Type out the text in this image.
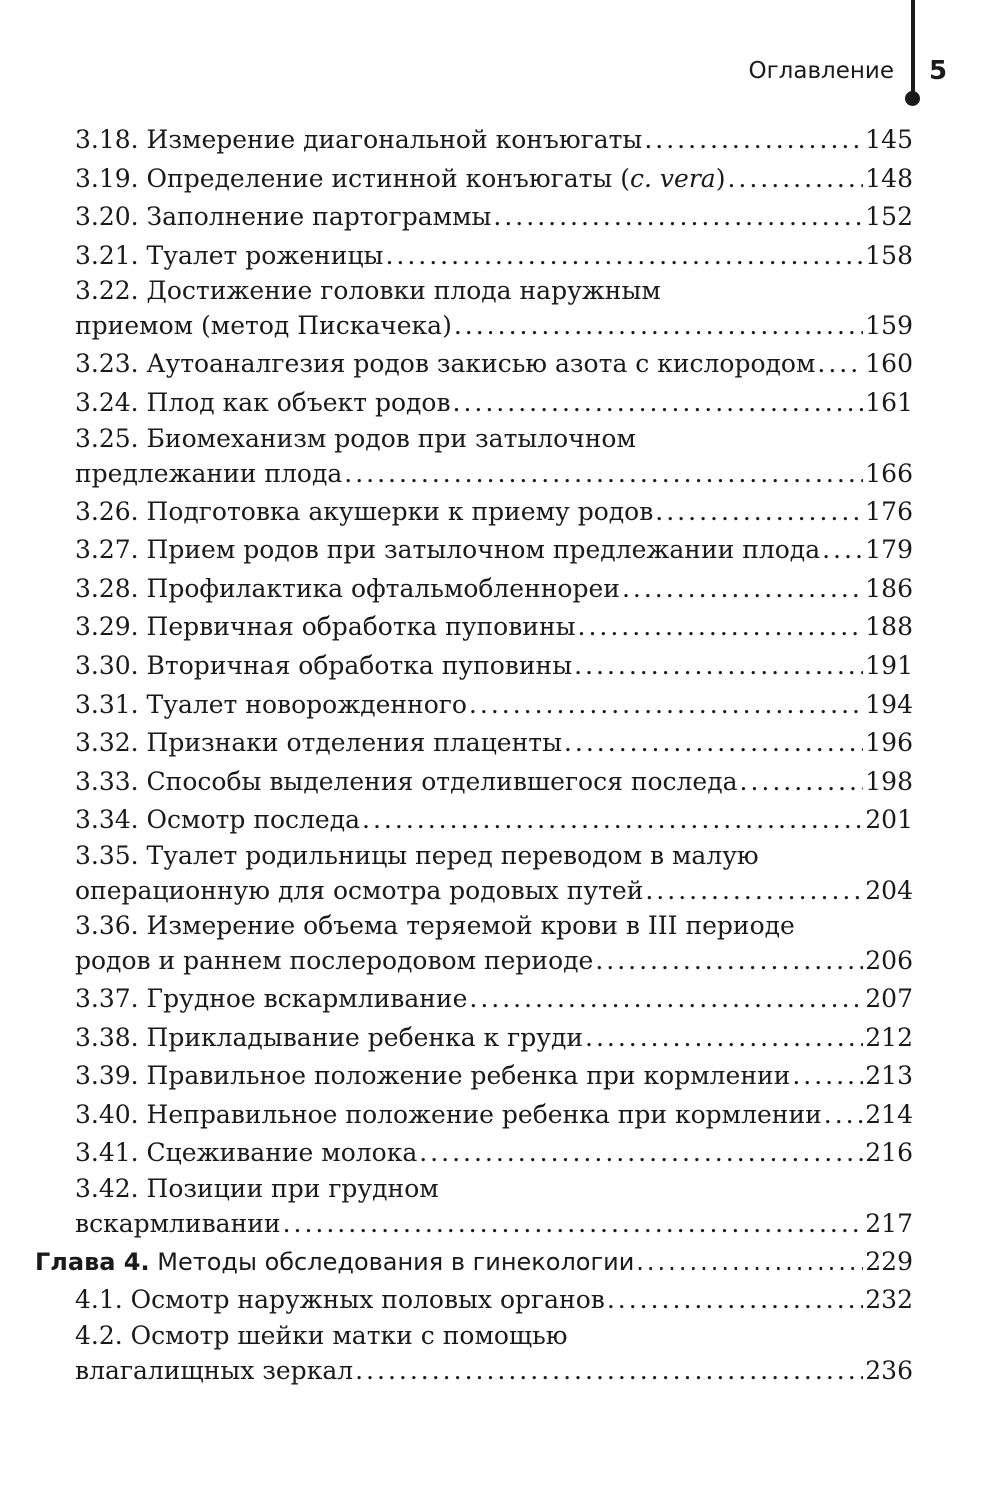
Оглавление 5
3.18. Измерение диагональной конъюгаты .....	145
3.19. Определение истинной конъюгаты (c. vera) .....	148
3.20. Заполнение партограммы .....	152
3.21. Туалет роженицы .....	158
3.22. Достижение головки плода наружным
приемом (метод Пискачека) .....	159
3.23. Аутоаналгезия родов закисью азота с кислородом ..... 160
3.24. Плод как объект родов .....	161
3.25. Биомеханизм родов при затылочном
предлежании плода .....	166
3.26. Подготовка акушерки к приему родов .....	176
3.27. Прием родов при затылочном предлежании плода ..... 179
3.28. Профилактика офтальмобленнореи .....	186
3.29. Первичная обработка пуповины .....	188
3.30. Вторичная обработка пуповины .....	191
3.31. Туалет новорожденного .....	194
3.32. Признаки отделения плаценты .....	196
3.33. Способы выделения отделившегося последа .....	198
3.34. Осмотр последа .....	201
3.35. Туалет родильницы перед переводом в малую
операционную для осмотра родовых путей .....	204
3.36. Измерение объема теряемой крови в III периоде
родов и раннем послеродовом периоде .....	206
3.37. Грудное вскармливание .....	207
3.38. Прикладывание ребенка к груди .....	212
3.39. Правильное положение ребенка при кормлении .....	213
3.40. Неправильное положение ребенка при кормлении ..... 214
3.41. Сцеживание молока .....	216
3.42. Позиции при грудном
вскармливании .....	217
Глава 4. Методы обследования в гинекологии .....	229
4.1. Осмотр наружных половых органов .....	232
4.2. Осмотр шейки матки с помощью
влагалищных зеркал .....	236
